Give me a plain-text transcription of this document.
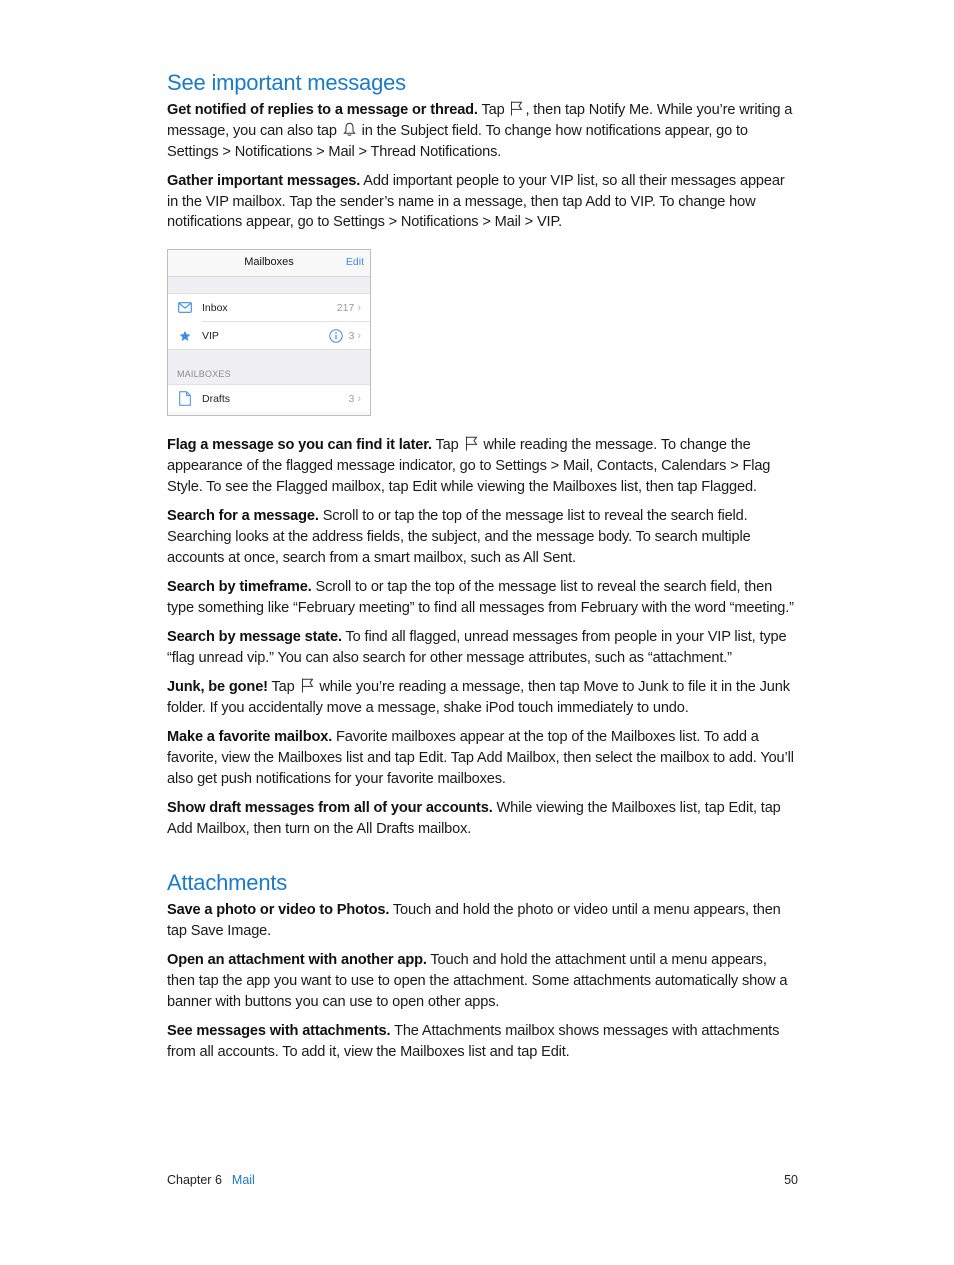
See important messages

Get notified of replies to a message or thread. Tap
, then tap Notify Me. While you’re writing a message, you can also tap
in the Subject field. To change how notifications appear, go to Settings > Notifications > Mail > Thread Notifications.

Gather important messages. Add important people to your VIP list, so all their messages appear in the VIP mailbox. Tap the sender’s name in a message, then tap Add to VIP. To change how notifications appear, go to Settings > Notifications > Mail > VIP.

Mailboxes	Edit
Inbox	217 ›
VIP	3 ›
MAILBOXES
Drafts	3 ›

Flag a message so you can find it later. Tap
while reading the message. To change the appearance of the flagged message indicator, go to Settings > Mail, Contacts, Calendars > Flag Style. To see the Flagged mailbox, tap Edit while viewing the Mailboxes list, then tap Flagged.

Search for a message. Scroll to or tap the top of the message list to reveal the search field. Searching looks at the address fields, the subject, and the message body. To search multiple accounts at once, search from a smart mailbox, such as All Sent.

Search by timeframe. Scroll to or tap the top of the message list to reveal the search field, then type something like “February meeting” to find all messages from February with the word “meeting.”

Search by message state. To find all flagged, unread messages from people in your VIP list, type “flag unread vip.” You can also search for other message attributes, such as “attachment.”

Junk, be gone! Tap
while you’re reading a message, then tap Move to Junk to file it in the Junk folder. If you accidentally move a message, shake iPod touch immediately to undo.

Make a favorite mailbox. Favorite mailboxes appear at the top of the Mailboxes list. To add a favorite, view the Mailboxes list and tap Edit. Tap Add Mailbox, then select the mailbox to add. You’ll also get push notifications for your favorite mailboxes.

Show draft messages from all of your accounts. While viewing the Mailboxes list, tap Edit, tap Add Mailbox, then turn on the All Drafts mailbox.

Attachments

Save a photo or video to Photos. Touch and hold the photo or video until a menu appears, then tap Save Image.

Open an attachment with another app. Touch and hold the attachment until a menu appears, then tap the app you want to use to open the attachment. Some attachments automatically show a banner with buttons you can use to open other apps.

See messages with attachments. The Attachments mailbox shows messages with attachments from all accounts. To add it, view the Mailboxes list and tap Edit.

Chapter 6 Mail	50
